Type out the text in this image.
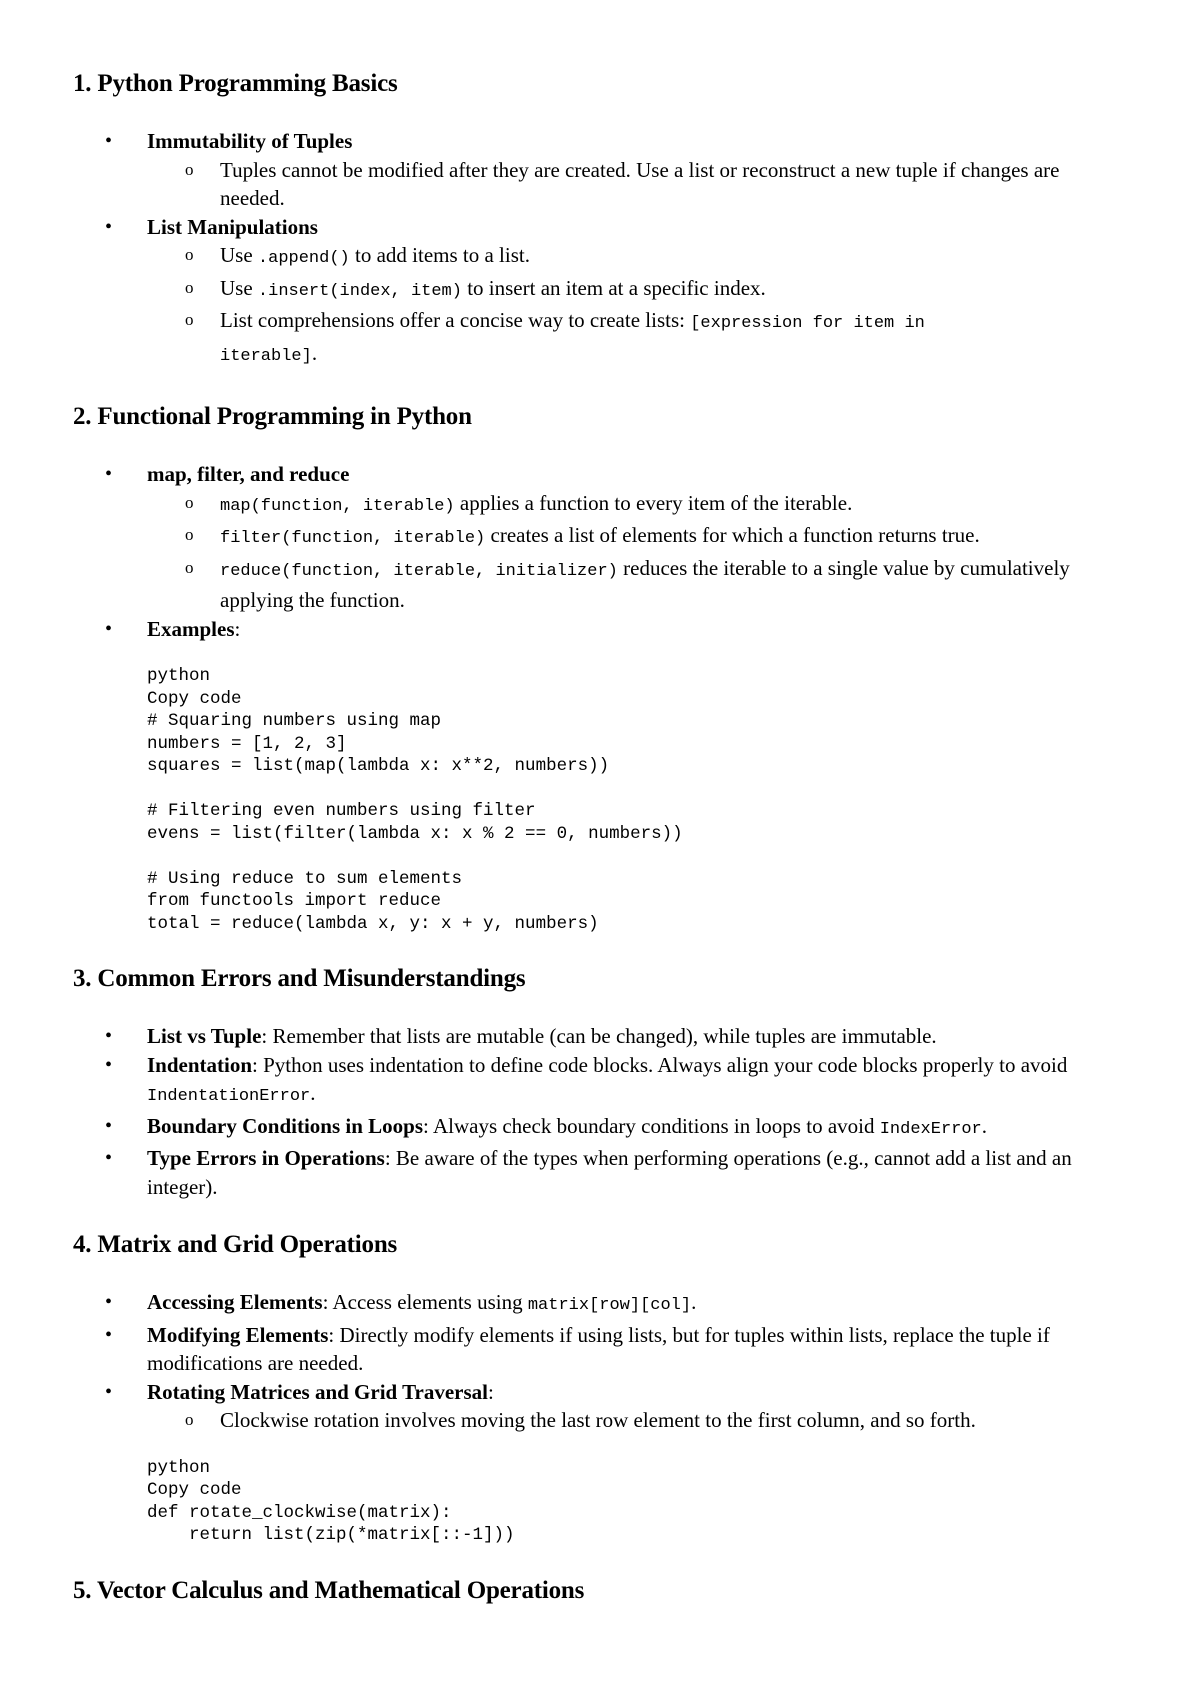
1. Python Programming Basics
• Immutability of Tuples
o Tuples cannot be modified after they are created. Use a list or reconstruct a new tuple if changes are needed.
• List Manipulations
o Use .append() to add items to a list.
o Use .insert(index, item) to insert an item at a specific index.
o List comprehensions offer a concise way to create lists: [expression for item in iterable].
2. Functional Programming in Python
• map, filter, and reduce
o map(function, iterable) applies a function to every item of the iterable.
o filter(function, iterable) creates a list of elements for which a function returns true.
o reduce(function, iterable, initializer) reduces the iterable to a single value by cumulatively applying the function.
• Examples:
python
Copy code
# Squaring numbers using map
numbers = [1, 2, 3]
squares = list(map(lambda x: x**2, numbers))

# Filtering even numbers using filter
evens = list(filter(lambda x: x % 2 == 0, numbers))

# Using reduce to sum elements
from functools import reduce
total = reduce(lambda x, y: x + y, numbers)
3. Common Errors and Misunderstandings
• List vs Tuple: Remember that lists are mutable (can be changed), while tuples are immutable.
• Indentation: Python uses indentation to define code blocks. Always align your code blocks properly to avoid IndentationError.
• Boundary Conditions in Loops: Always check boundary conditions in loops to avoid IndexError.
• Type Errors in Operations: Be aware of the types when performing operations (e.g., cannot add a list and an integer).
4. Matrix and Grid Operations
• Accessing Elements: Access elements using matrix[row][col].
• Modifying Elements: Directly modify elements if using lists, but for tuples within lists, replace the tuple if modifications are needed.
• Rotating Matrices and Grid Traversal:
o Clockwise rotation involves moving the last row element to the first column, and so forth.
python
Copy code
def rotate_clockwise(matrix):
return list(zip(*matrix[::-1]))
5. Vector Calculus and Mathematical Operations
